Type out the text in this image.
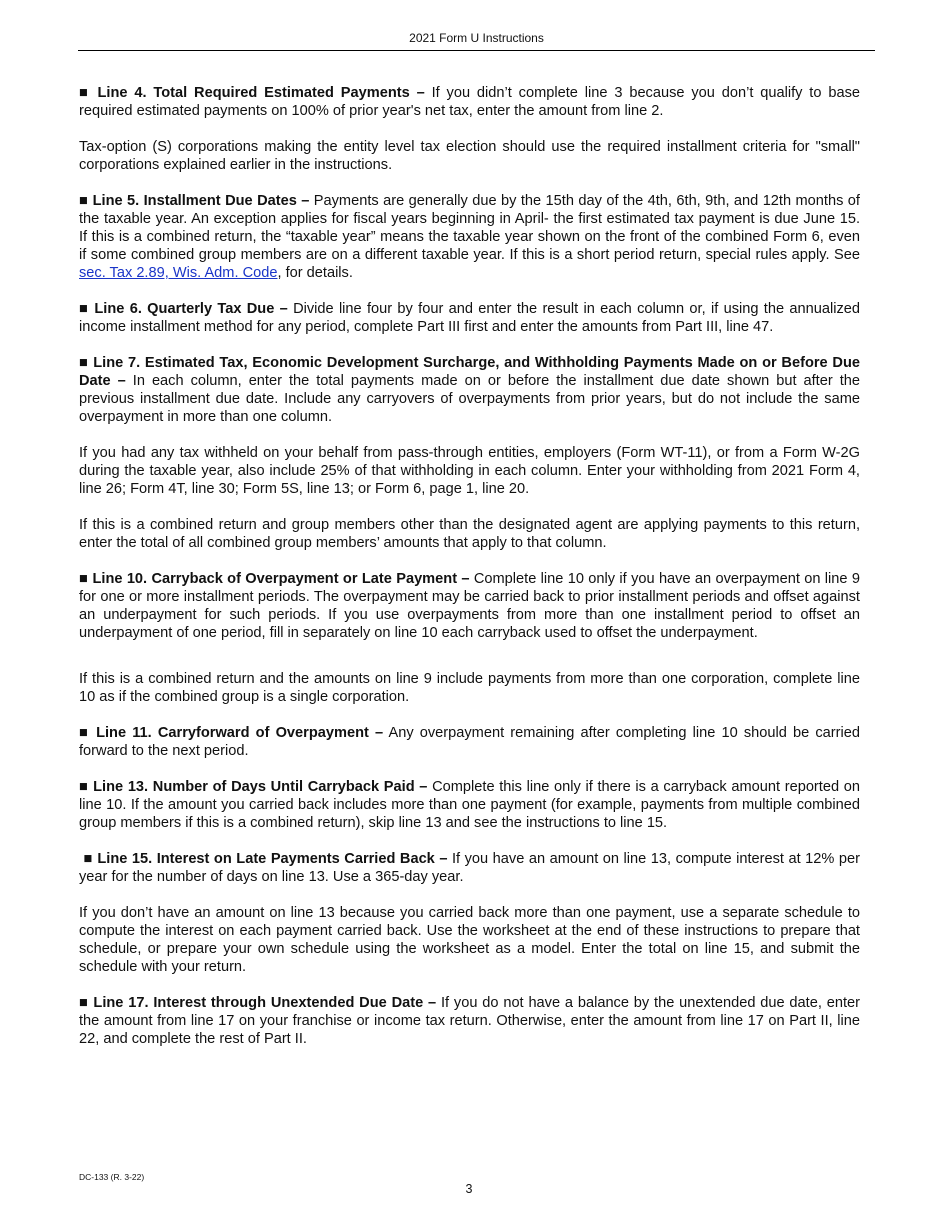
2021 Form U Instructions

■ Line 4. Total Required Estimated Payments – If you didn’t complete line 3 because you don’t qualify to base required estimated payments on 100% of prior year's net tax, enter the amount from line 2.

Tax-option (S) corporations making the entity level tax election should use the required installment criteria for "small" corporations explained earlier in the instructions.

■ Line 5. Installment Due Dates – Payments are generally due by the 15th day of the 4th, 6th, 9th, and 12th months of the taxable year. An exception applies for fiscal years beginning in April- the first estimated tax payment is due June 15. If this is a combined return, the “taxable year” means the taxable year shown on the front of the combined Form 6, even if some combined group members are on a different taxable year. If this is a short period return, special rules apply. See sec. Tax 2.89, Wis. Adm. Code, for details.

■ Line 6. Quarterly Tax Due – Divide line four by four and enter the result in each column or, if using the annualized income installment method for any period, complete Part III first and enter the amounts from Part III, line 47.

■ Line 7. Estimated Tax, Economic Development Surcharge, and Withholding Payments Made on or Before Due Date – In each column, enter the total payments made on or before the installment due date shown but after the previous installment due date. Include any carryovers of overpayments from prior years, but do not include the same overpayment in more than one column.

If you had any tax withheld on your behalf from pass-through entities, employers (Form WT-11), or from a Form W-2G during the taxable year, also include 25% of that withholding in each column. Enter your withholding from 2021 Form 4, line 26; Form 4T, line 30; Form 5S, line 13; or Form 6, page 1, line 20.

If this is a combined return and group members other than the designated agent are applying payments to this return, enter the total of all combined group members’ amounts that apply to that column.

■ Line 10. Carryback of Overpayment or Late Payment – Complete line 10 only if you have an overpayment on line 9 for one or more installment periods. The overpayment may be carried back to prior installment periods and offset against an underpayment for such periods. If you use overpayments from more than one installment period to offset an underpayment of one period, fill in separately on line 10 each carryback used to offset the underpayment.

If this is a combined return and the amounts on line 9 include payments from more than one corporation, complete line 10 as if the combined group is a single corporation.

■ Line 11. Carryforward of Overpayment – Any overpayment remaining after completing line 10 should be carried forward to the next period.

■ Line 13. Number of Days Until Carryback Paid – Complete this line only if there is a carryback amount reported on line 10. If the amount you carried back includes more than one payment (for example, payments from multiple combined group members if this is a combined return), skip line 13 and see the instructions to line 15.

■ Line 15. Interest on Late Payments Carried Back – If you have an amount on line 13, compute interest at 12% per year for the number of days on line 13. Use a 365-day year.

If you don’t have an amount on line 13 because you carried back more than one payment, use a separate schedule to compute the interest on each payment carried back. Use the worksheet at the end of these instructions to prepare that schedule, or prepare your own schedule using the worksheet as a model. Enter the total on line 15, and submit the schedule with your return.

■ Line 17. Interest through Unextended Due Date – If you do not have a balance by the unextended due date, enter the amount from line 17 on your franchise or income tax return. Otherwise, enter the amount from line 17 on Part II, line 22, and complete the rest of Part II.

DC-133 (R. 3-22)
3
